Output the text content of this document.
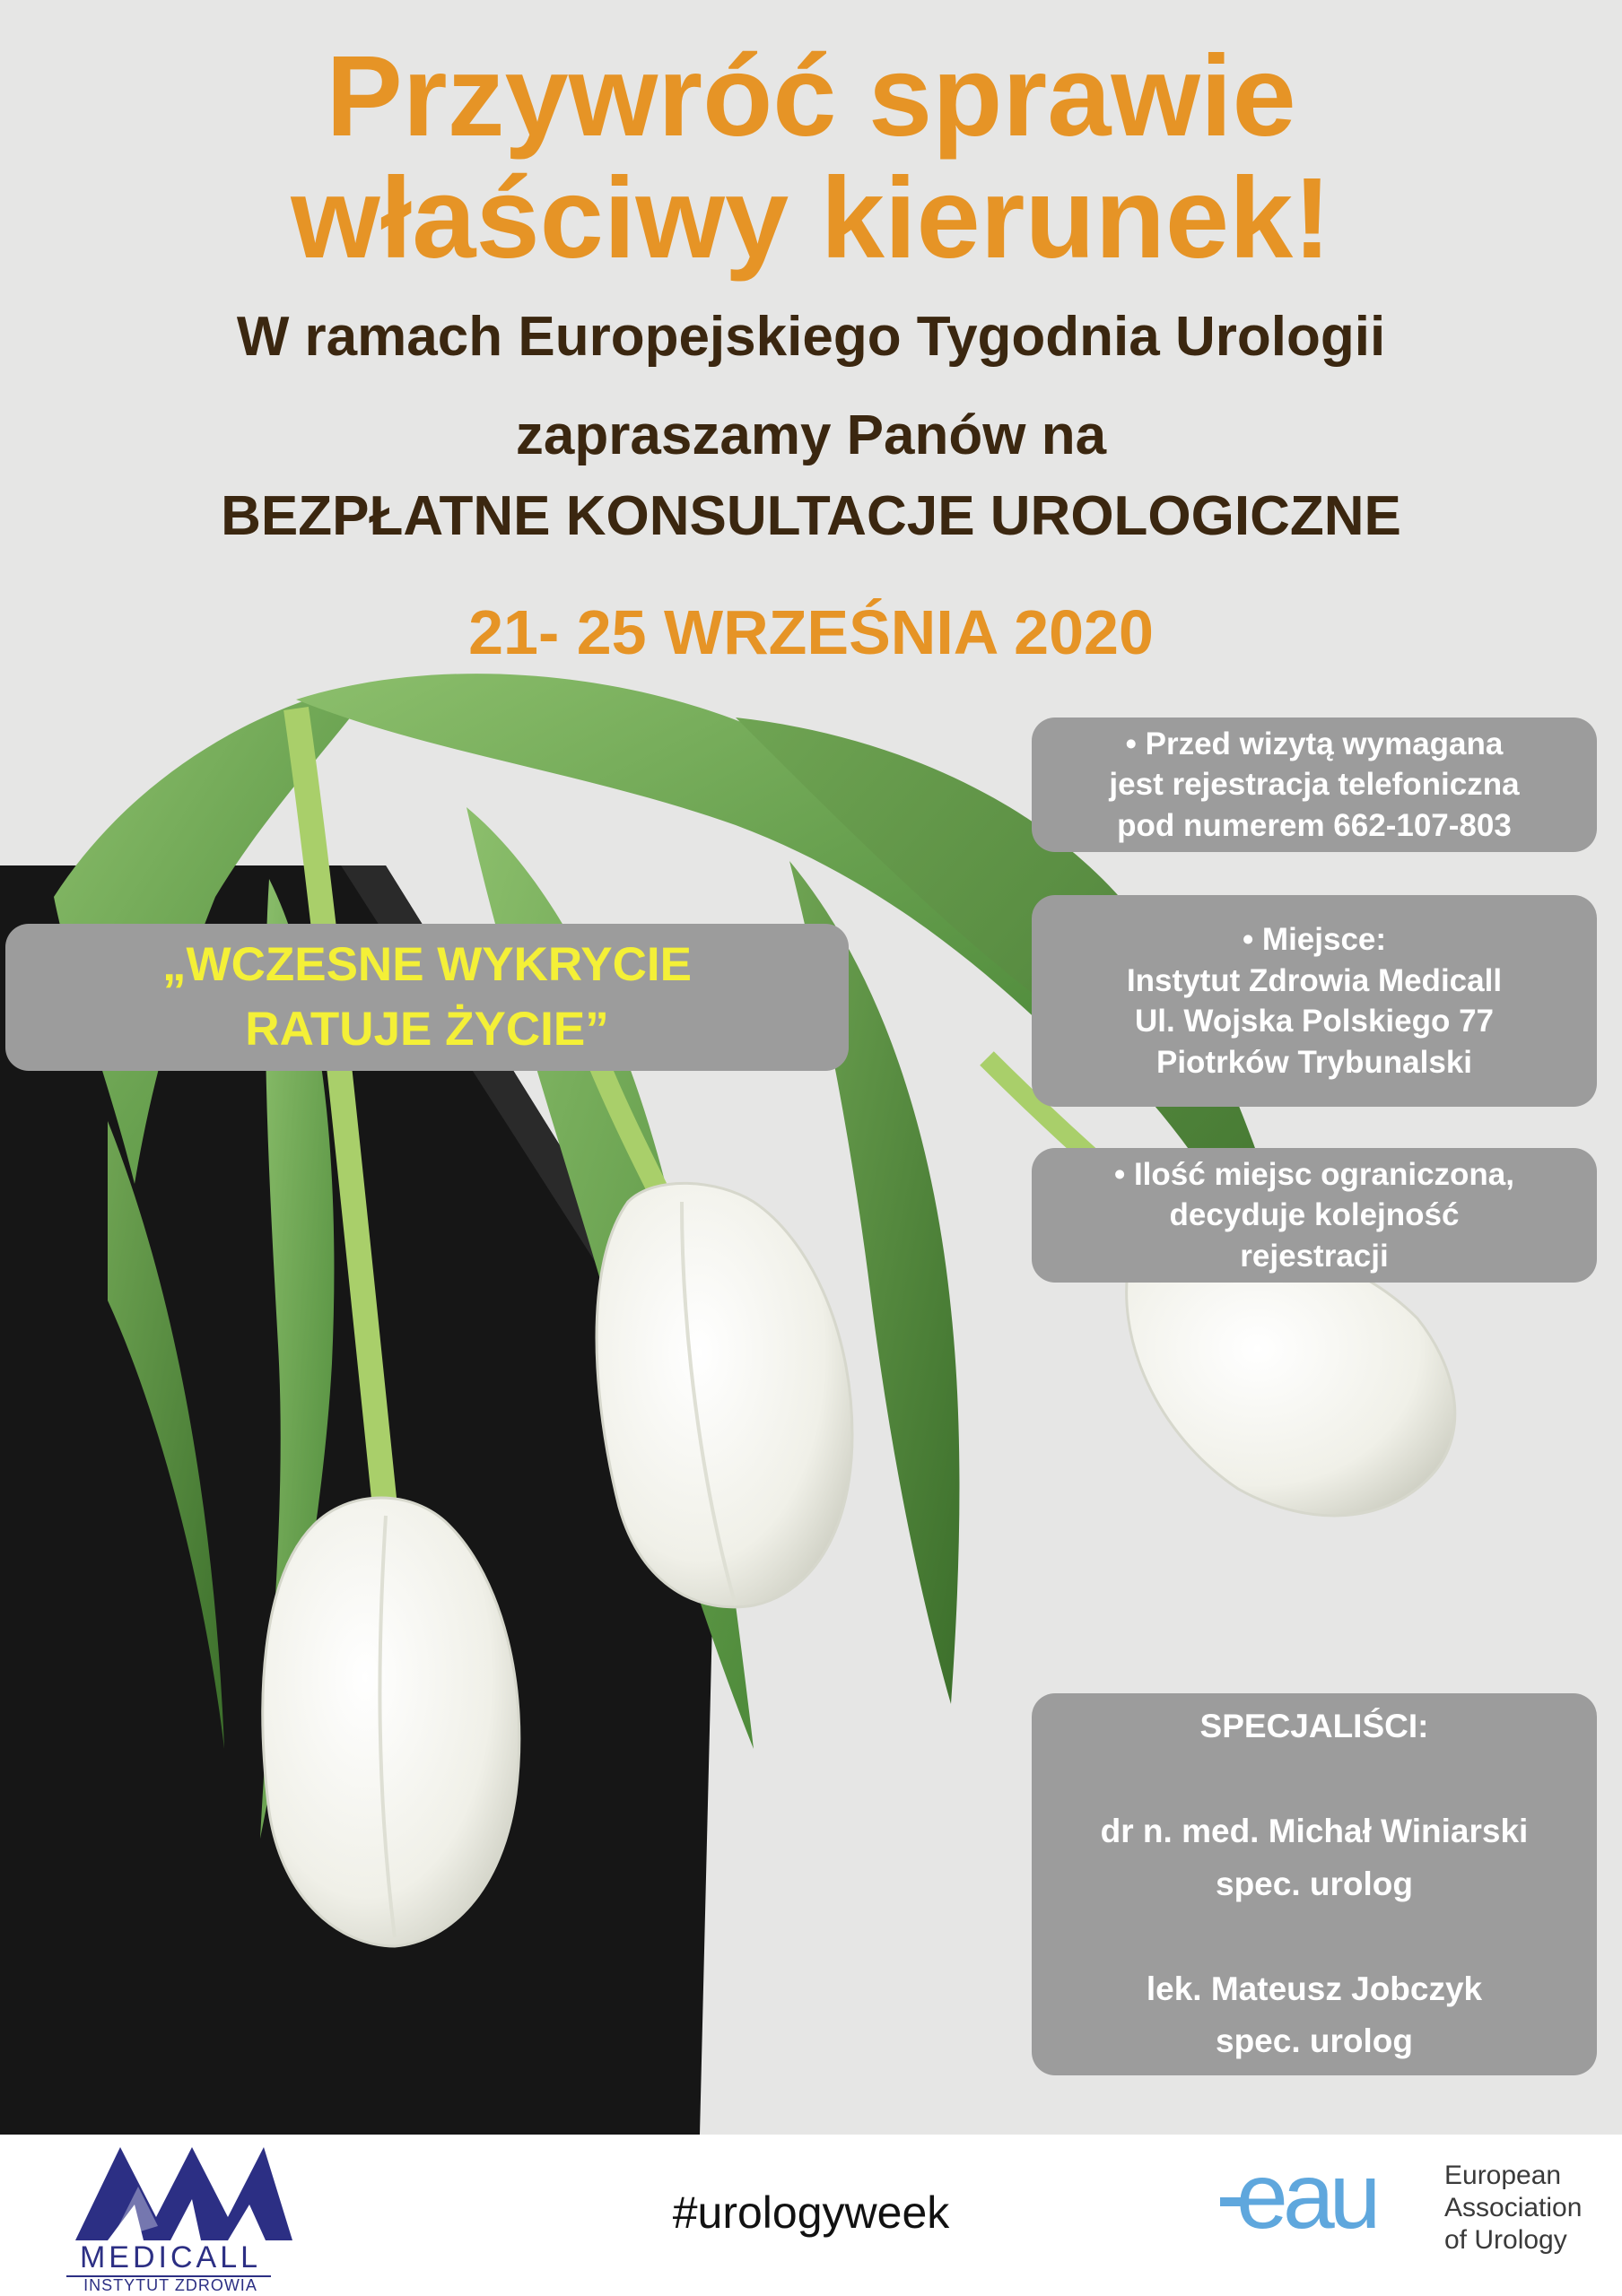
Przywróć sprawie
właściwy kierunek!
W ramach Europejskiego Tygodnia Urologii
zapraszamy Panów na
BEZPŁATNE KONSULTACJE UROLOGICZNE
21- 25 WRZEŚNIA 2020
„WCZESNE WYKRYCIE
RATUJE ŻYCIE”
• Przed wizytą wymagana
jest rejestracja telefoniczna
pod numerem 662-107-803
• Miejsce:
Instytut Zdrowia Medicall
Ul. Wojska Polskiego 77
Piotrków Trybunalski
• Ilość miejsc ograniczona,
decyduje kolejność
rejestracji
SPECJALIŚCI:

dr n. med. Michał Winiarski
spec. urolog

lek. Mateusz Jobczyk
spec. urolog
MEDICALL
INSTYTUT ZDROWIA
#urologyweek	eau	European
Association
of Urology
